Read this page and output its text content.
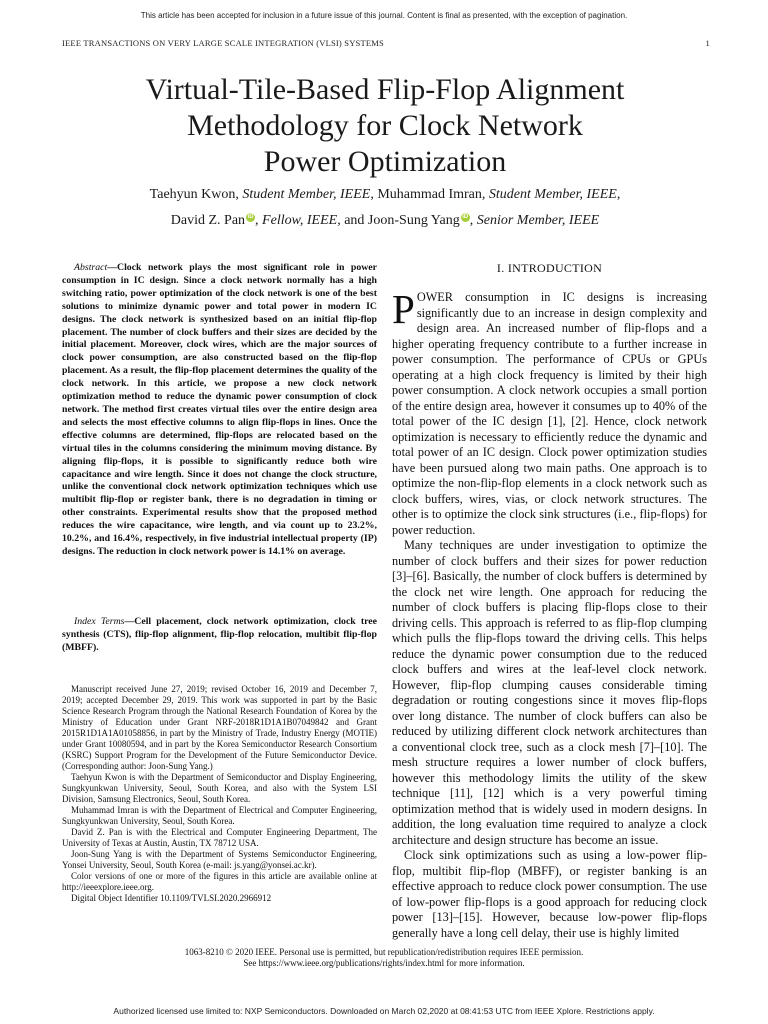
This article has been accepted for inclusion in a future issue of this journal. Content is final as presented, with the exception of pagination.
IEEE TRANSACTIONS ON VERY LARGE SCALE INTEGRATION (VLSI) SYSTEMS	1
Virtual-Tile-Based Flip-Flop Alignment
Methodology for Clock Network
Power Optimization
Taehyun Kwon, Student Member, IEEE, Muhammad Imran, Student Member, IEEE,
David Z. Pan iD , Fellow, IEEE, and Joon-Sung Yang iD , Senior Member, IEEE
Abstract—Clock network plays the most significant role in power consumption in IC design. Since a clock network normally has a high switching ratio, power optimization of the clock network is one of the best solutions to minimize dynamic power and total power in modern IC designs. The clock network is synthesized based on an initial flip-flop placement. The number of clock buffers and their sizes are decided by the initial placement. Moreover, clock wires, which are the major sources of clock power consumption, are also constructed based on the flip-flop placement. As a result, the flip-flop placement determines the quality of the clock network. In this article, we propose a new clock network optimization method to reduce the dynamic power consumption of clock network. The method first creates virtual tiles over the entire design area and selects the most effective columns to align flip-flops in lines. Once the effective columns are determined, flip-flops are relocated based on the virtual tiles in the columns considering the minimum moving distance. By aligning flip-flops, it is possible to significantly reduce both wire capacitance and wire length. Since it does not change the clock structure, unlike the conventional clock network optimization techniques which use multibit flip-flop or register bank, there is no degradation in timing or other constraints. Experimental results show that the proposed method reduces the wire capacitance, wire length, and via count up to 23.2%, 10.2%, and 16.4%, respectively, in five industrial intellectual property (IP) designs. The reduction in clock network power is 14.1% on average.
Index Terms—Cell placement, clock network optimization, clock tree synthesis (CTS), flip-flop alignment, flip-flop relocation, multibit flip-flop (MBFF).

Manuscript received June 27, 2019; revised October 16, 2019 and December 7, 2019; accepted December 29, 2019. This work was supported in part by the Basic Science Research Program through the National Research Foundation of Korea by the Ministry of Education under Grant NRF-2018R1D1A1B07049842 and Grant 2015R1D1A1A01058856, in part by the Ministry of Trade, Industry Energy (MOTIE) under Grant 10080594, and in part by the Korea Semiconductor Research Consortium (KSRC) Support Program for the Development of the Future Semiconductor Device. (Corresponding author: Joon-Sung Yang.)

Taehyun Kwon is with the Department of Semiconductor and Display Engineering, Sungkyunkwan University, Seoul, South Korea, and also with the System LSI Division, Samsung Electronics, Seoul, South Korea.

Muhammad Imran is with the Department of Electrical and Computer Engineering, Sungkyunkwan University, Seoul, South Korea.

David Z. Pan is with the Electrical and Computer Engineering Department, The University of Texas at Austin, Austin, TX 78712 USA.

Joon-Sung Yang is with the Department of Systems Semiconductor Engineering, Yonsei University, Seoul, South Korea (e-mail: js.yang@yonsei.ac.kr).

Color versions of one or more of the figures in this article are available online at http://ieeexplore.ieee.org.

Digital Object Identifier 10.1109/TVLSI.2020.2966912

I. INTRODUCTION

POWER consumption in IC designs is increasing significantly due to an increase in design complexity and design area. An increased number of flip-flops and a higher operating frequency contribute to a further increase in power consumption. The performance of CPUs or GPUs operating at a high clock frequency is limited by their high power consumption. A clock network occupies a small portion of the entire design area, however it consumes up to 40% of the total power of the IC design [1], [2]. Hence, clock network optimization is necessary to efficiently reduce the dynamic and total power of an IC design. Clock power optimization studies have been pursued along two main paths. One approach is to optimize the non-flip-flop elements in a clock network such as clock buffers, wires, vias, or clock network structures. The other is to optimize the clock sink structures (i.e., flip-flops) for power reduction.

Many techniques are under investigation to optimize the number of clock buffers and their sizes for power reduction [3]–[6]. Basically, the number of clock buffers is determined by the clock net wire length. One approach for reducing the number of clock buffers is placing flip-flops close to their driving cells. This approach is referred to as flip-flop clumping which pulls the flip-flops toward the driving cells. This helps reduce the dynamic power consumption due to the reduced clock buffers and wires at the leaf-level clock network. However, flip-flop clumping causes considerable timing degradation or routing congestions since it moves flip-flops over long distance. The number of clock buffers can also be reduced by utilizing different clock network architectures than a conventional clock tree, such as a clock mesh [7]–[10]. The mesh structure requires a lower number of clock buffers, however this methodology limits the utility of the skew technique [11], [12] which is a very powerful timing optimization method that is widely used in modern designs. In addition, the long evaluation time required to analyze a clock architecture and design structure has become an issue.

Clock sink optimizations such as using a low-power flip-flop, multibit flip-flop (MBFF), or register banking is an effective approach to reduce clock power consumption. The use of low-power flip-flops is a good approach for reducing clock power [13]–[15]. However, because low-power flip-flops generally have a long cell delay, their use is highly limited

1063-8210 © 2020 IEEE. Personal use is permitted, but republication/redistribution requires IEEE permission.
See https://www.ieee.org/publications/rights/index.html for more information.
Authorized licensed use limited to: NXP Semiconductors. Downloaded on March 02,2020 at 08:41:53 UTC from IEEE Xplore. Restrictions apply.
